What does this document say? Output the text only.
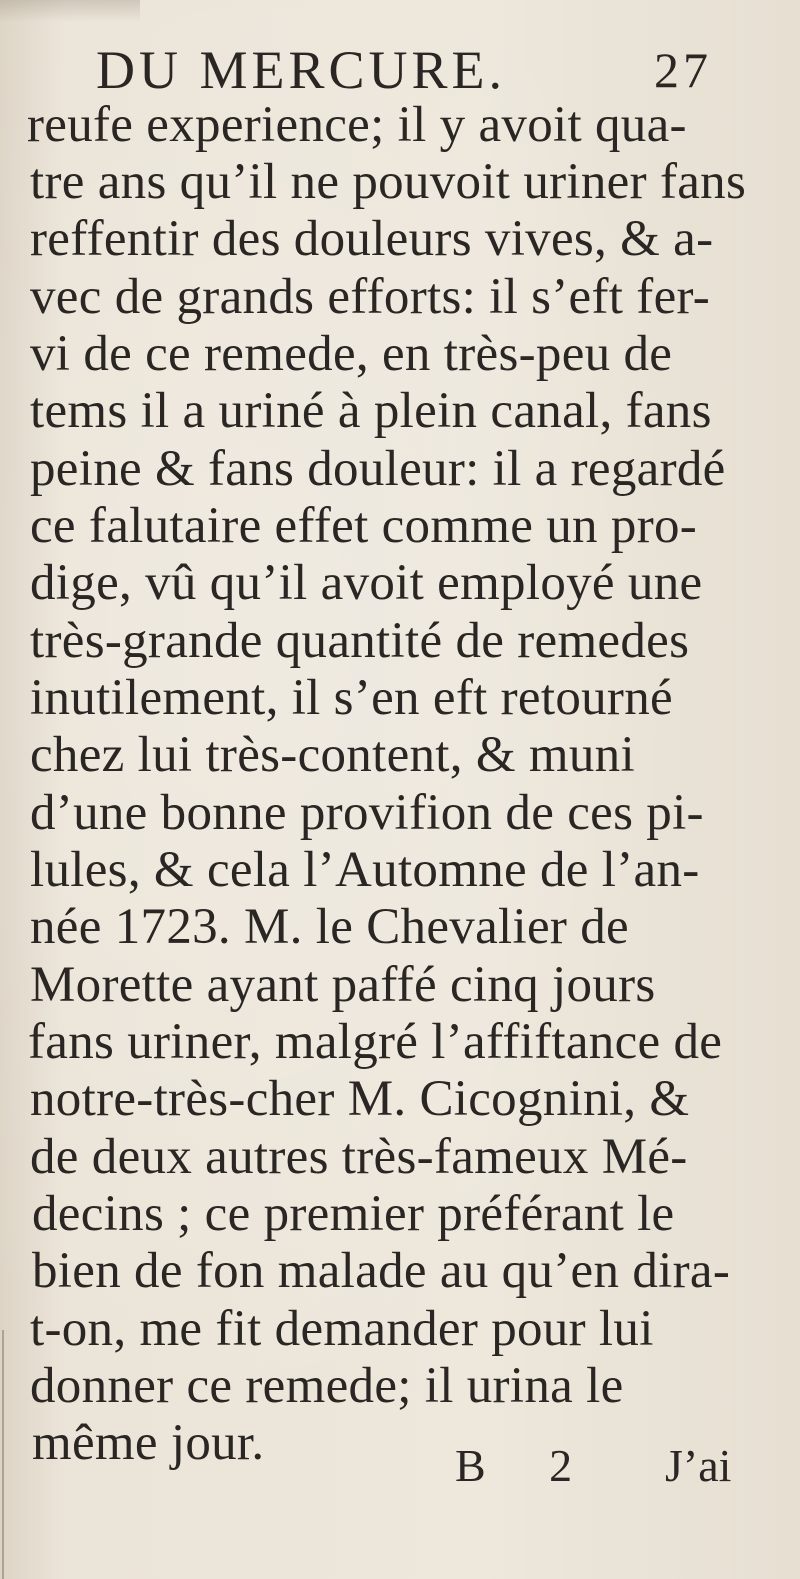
DU MERCURE.	27
reufe experience; il y avoit qua-
tre ans qu’il ne pouvoit uriner fans
reffentir des douleurs vives, & a-
vec de grands efforts: il s’eft fer-
vi de ce remede, en très-peu de
tems il a uriné à plein canal, fans
peine & fans douleur: il a regardé
ce falutaire effet comme un pro-
dige, vû qu’il avoit employé une
très-grande quantité de remedes
inutilement, il s’en eft retourné
chez lui très-content, & muni
d’une bonne provifion de ces pi-
lules, & cela l’Automne de l’an-
née 1723. M. le Chevalier de
Morette ayant paffé cinq jours
fans uriner, malgré l’affiftance de
notre-très-cher M. Cicognini, &
de deux autres très-fameux Mé-
decins ; ce premier préférant le
bien de fon malade au qu’en dira-
t-on, me fit demander pour lui
donner ce remede; il urina le
même jour.	B 2 J’ai
